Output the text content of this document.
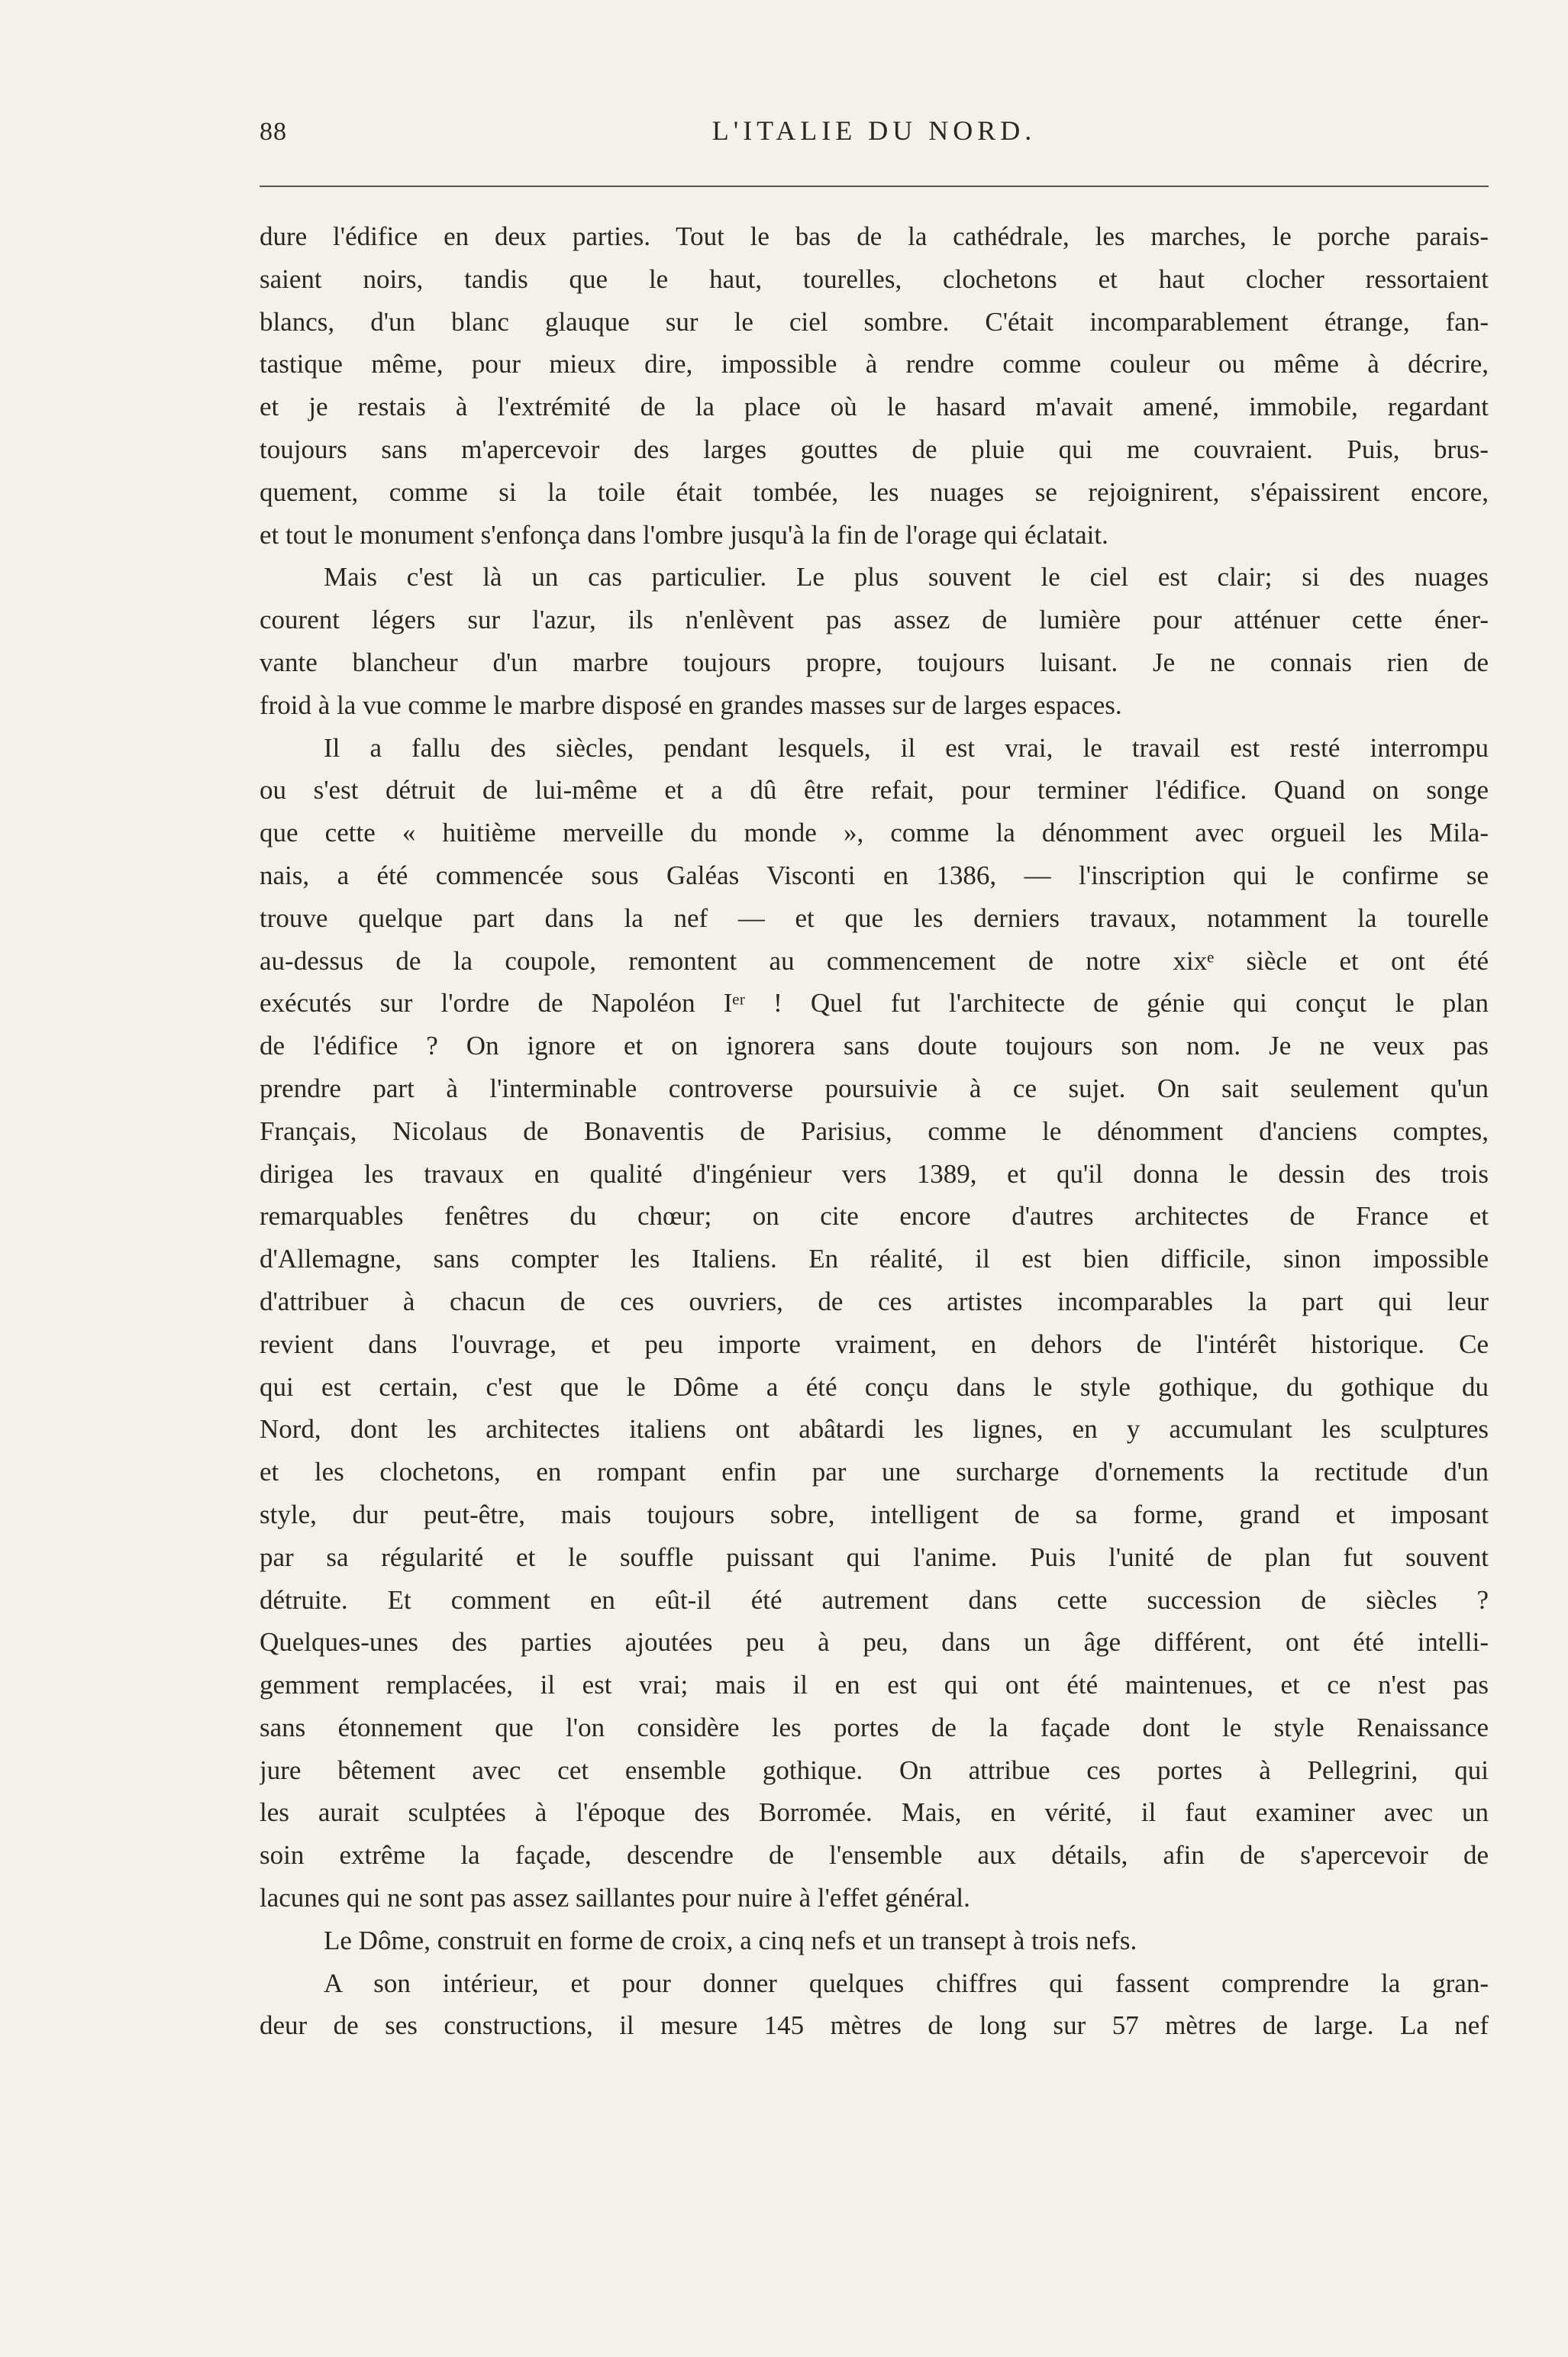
88	L'ITALIE DU NORD.
dure l'édifice en deux parties. Tout le bas de la cathédrale, les marches, le porche parais-
saient noirs, tandis que le haut, tourelles, clochetons et haut clocher ressortaient
blancs, d'un blanc glauque sur le ciel sombre. C'était incomparablement étrange, fan-
tastique même, pour mieux dire, impossible à rendre comme couleur ou même à décrire,
et je restais à l'extrémité de la place où le hasard m'avait amené, immobile, regardant
toujours sans m'apercevoir des larges gouttes de pluie qui me couvraient. Puis, brus-
quement, comme si la toile était tombée, les nuages se rejoignirent, s'épaissirent encore,
et tout le monument s'enfonça dans l'ombre jusqu'à la fin de l'orage qui éclatait.
Mais c'est là un cas particulier. Le plus souvent le ciel est clair; si des nuages
courent légers sur l'azur, ils n'enlèvent pas assez de lumière pour atténuer cette éner-
vante blancheur d'un marbre toujours propre, toujours luisant. Je ne connais rien de
froid à la vue comme le marbre disposé en grandes masses sur de larges espaces.
Il a fallu des siècles, pendant lesquels, il est vrai, le travail est resté interrompu
ou s'est détruit de lui-même et a dû être refait, pour terminer l'édifice. Quand on songe
que cette « huitième merveille du monde », comme la dénomment avec orgueil les Mila-
nais, a été commencée sous Galéas Visconti en 1386, — l'inscription qui le confirme se
trouve quelque part dans la nef — et que les derniers travaux, notamment la tourelle
au-dessus de la coupole, remontent au commencement de notre xixᵉ siècle et ont été
exécutés sur l'ordre de Napoléon Iᵉʳ ! Quel fut l'architecte de génie qui conçut le plan
de l'édifice ? On ignore et on ignorera sans doute toujours son nom. Je ne veux pas
prendre part à l'interminable controverse poursuivie à ce sujet. On sait seulement qu'un
Français, Nicolaus de Bonaventis de Parisius, comme le dénomment d'anciens comptes,
dirigea les travaux en qualité d'ingénieur vers 1389, et qu'il donna le dessin des trois
remarquables fenêtres du chœur; on cite encore d'autres architectes de France et
d'Allemagne, sans compter les Italiens. En réalité, il est bien difficile, sinon impossible
d'attribuer à chacun de ces ouvriers, de ces artistes incomparables la part qui leur
revient dans l'ouvrage, et peu importe vraiment, en dehors de l'intérêt historique. Ce
qui est certain, c'est que le Dôme a été conçu dans le style gothique, du gothique du
Nord, dont les architectes italiens ont abâtardi les lignes, en y accumulant les sculptures
et les clochetons, en rompant enfin par une surcharge d'ornements la rectitude d'un
style, dur peut-être, mais toujours sobre, intelligent de sa forme, grand et imposant
par sa régularité et le souffle puissant qui l'anime. Puis l'unité de plan fut souvent
détruite. Et comment en eût-il été autrement dans cette succession de siècles ?
Quelques-unes des parties ajoutées peu à peu, dans un âge différent, ont été intelli-
gemment remplacées, il est vrai; mais il en est qui ont été maintenues, et ce n'est pas
sans étonnement que l'on considère les portes de la façade dont le style Renaissance
jure bêtement avec cet ensemble gothique. On attribue ces portes à Pellegrini, qui
les aurait sculptées à l'époque des Borromée. Mais, en vérité, il faut examiner avec un
soin extrême la façade, descendre de l'ensemble aux détails, afin de s'apercevoir de
lacunes qui ne sont pas assez saillantes pour nuire à l'effet général.
Le Dôme, construit en forme de croix, a cinq nefs et un transept à trois nefs.
A son intérieur, et pour donner quelques chiffres qui fassent comprendre la gran-
deur de ses constructions, il mesure 145 mètres de long sur 57 mètres de large. La nef
